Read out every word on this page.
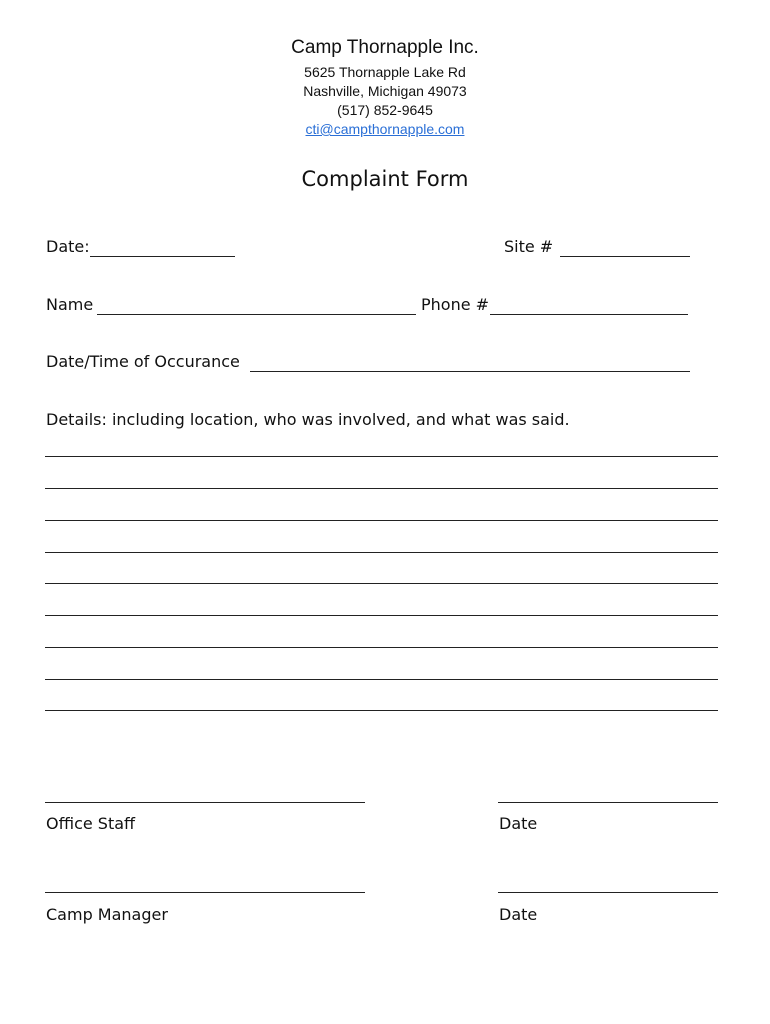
Camp Thornapple Inc.
5625 Thornapple Lake Rd
Nashville, Michigan 49073
(517) 852-9645
cti@campthornapple.com
Complaint Form
Date:	Site #
Name	Phone #
Date/Time of Occurance
Details: including location, who was involved, and what was said.
Office Staff	Date
Camp Manager	Date
